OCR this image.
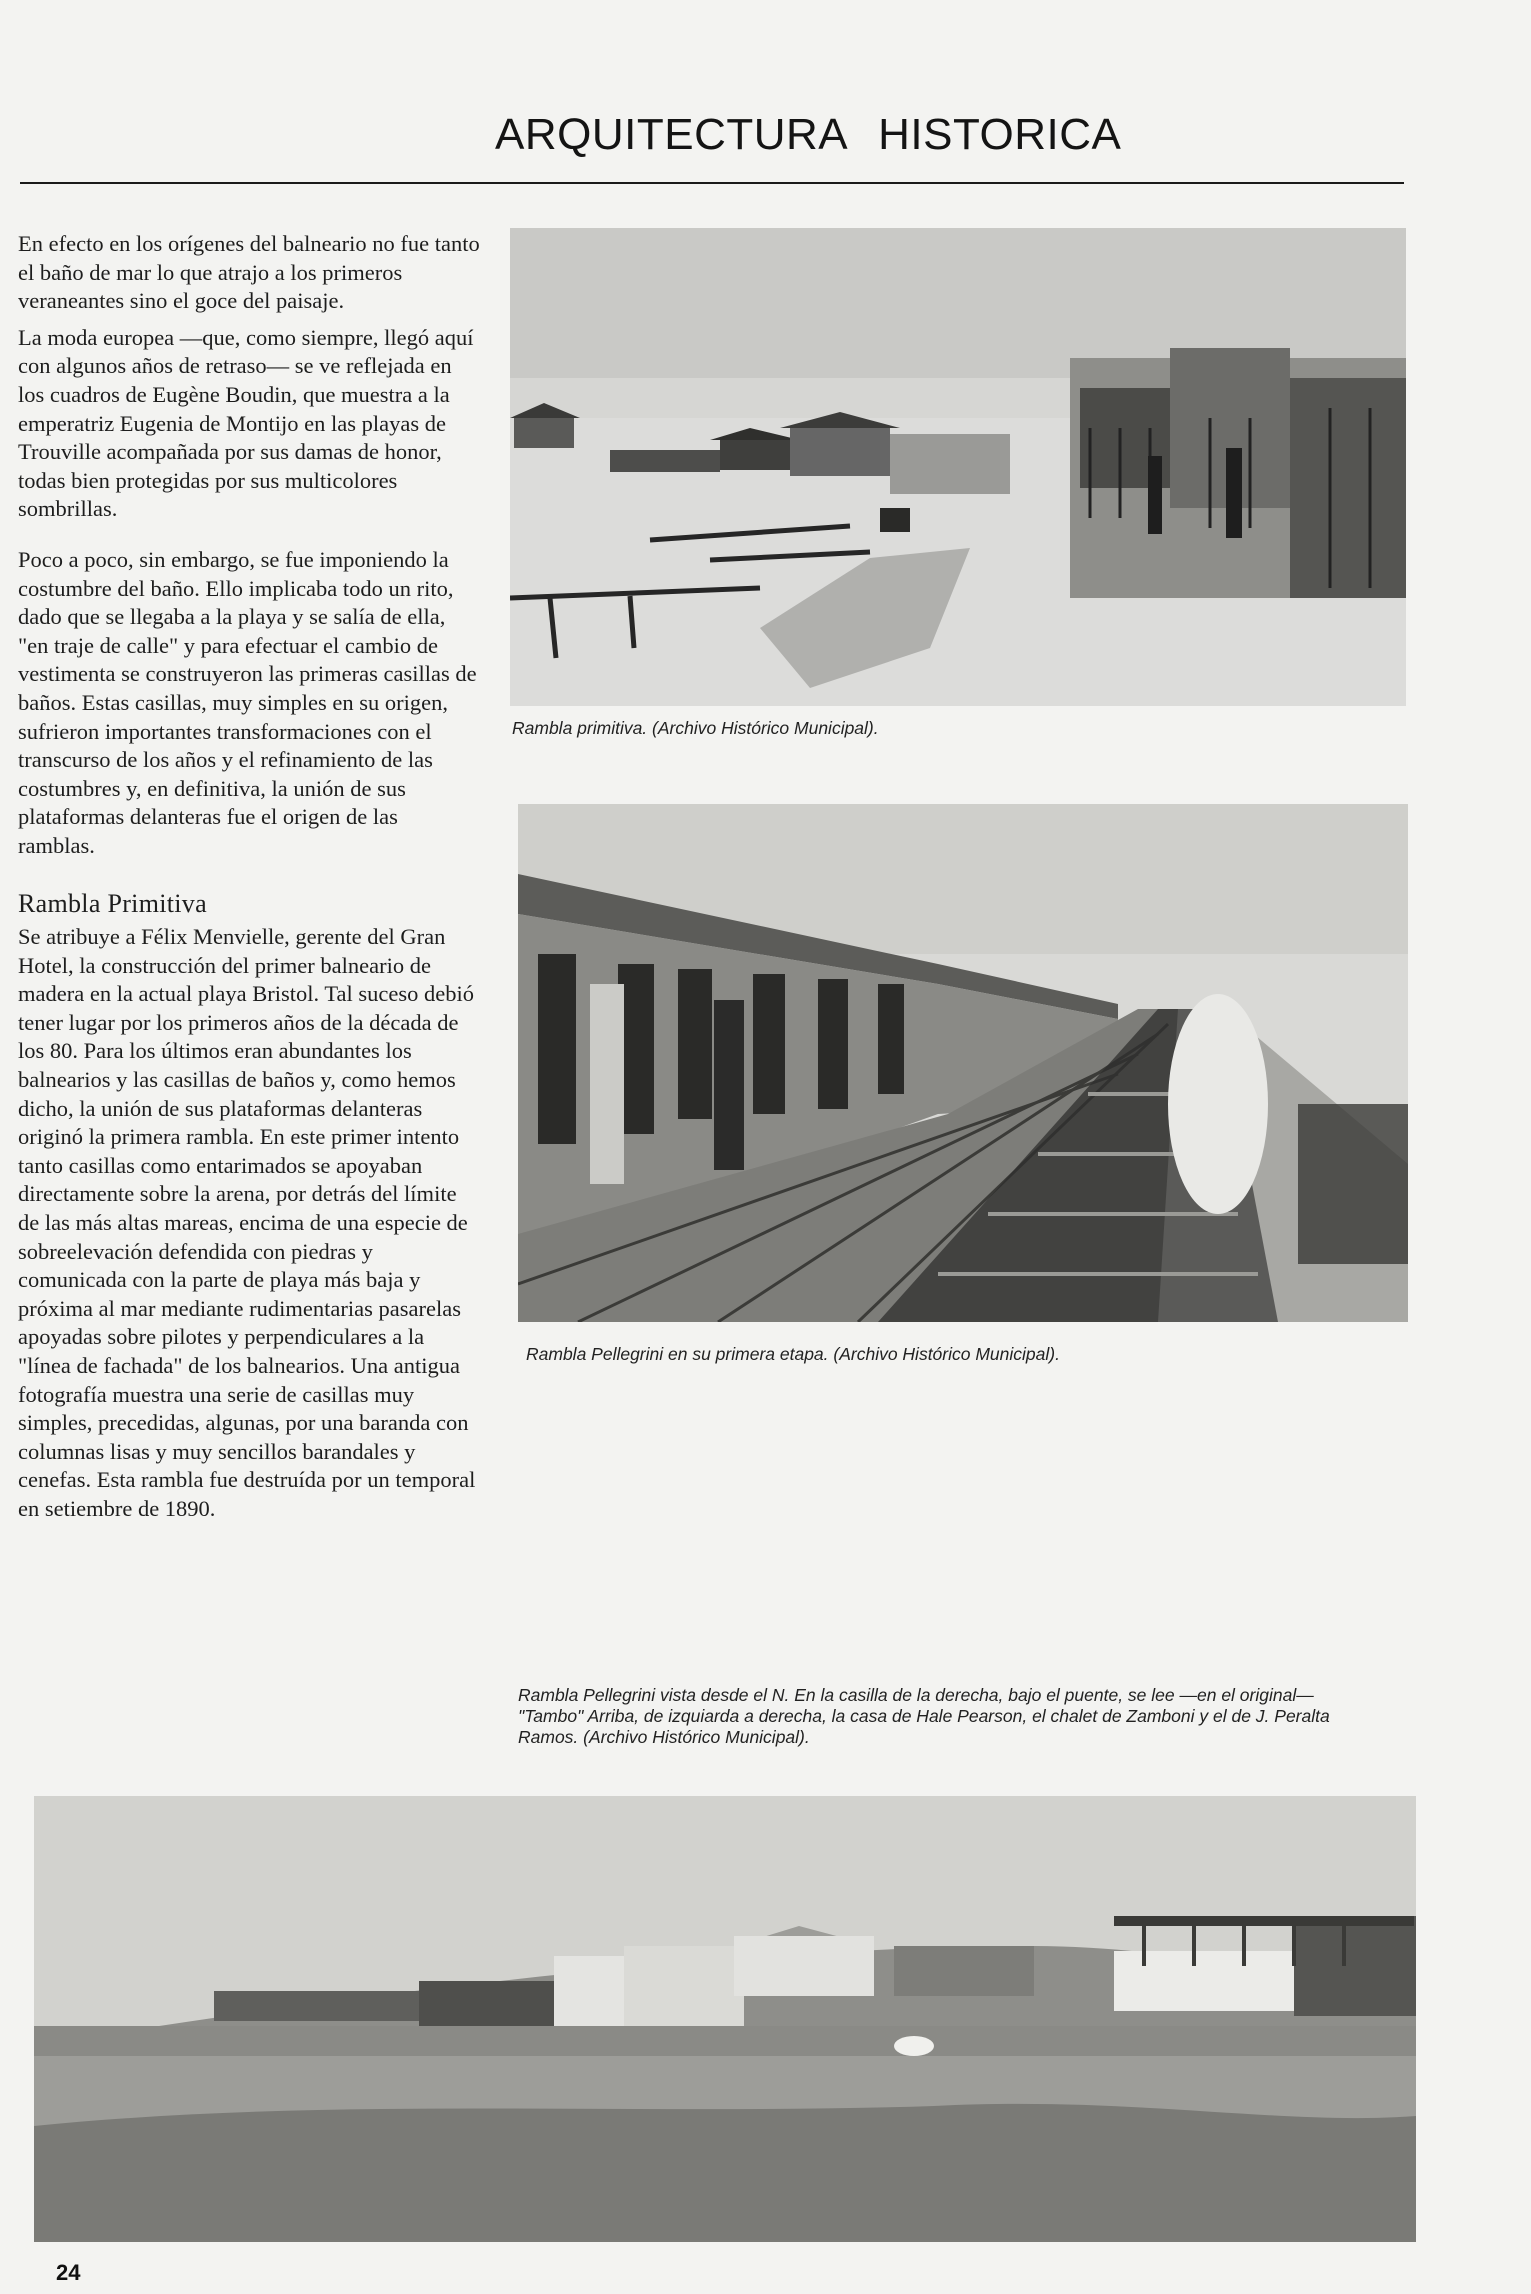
ARQUITECTURA HISTORICA

En efecto en los orígenes del balneario no fue tanto el baño de mar lo que atrajo a los primeros veraneantes sino el goce del paisaje.

La moda europea —que, como siempre, llegó aquí con algunos años de retraso— se ve reflejada en los cuadros de Eugène Boudin, que muestra a la emperatriz Eugenia de Montijo en las playas de Trouville acompañada por sus damas de honor, todas bien protegidas por sus multicolores sombrillas.

Poco a poco, sin embargo, se fue imponiendo la costumbre del baño. Ello implicaba todo un rito, dado que se llegaba a la playa y se salía de ella, "en traje de calle" y para efectuar el cambio de vestimenta se construyeron las primeras casillas de baños. Estas casillas, muy simples en su origen, sufrieron importantes transformaciones con el transcurso de los años y el refinamiento de las costumbres y, en definitiva, la unión de sus plataformas delanteras fue el origen de las ramblas.

Rambla Primitiva

Se atribuye a Félix Menvielle, gerente del Gran Hotel, la construcción del primer balneario de madera en la actual playa Bristol. Tal suceso debió tener lugar por los primeros años de la década de los 80. Para los últimos eran abundantes los balnearios y las casillas de baños y, como hemos dicho, la unión de sus plataformas delanteras originó la primera rambla. En este primer intento tanto casillas como entarimados se apoyaban directamente sobre la arena, por detrás del límite de las más altas mareas, encima de una especie de sobreelevación defendida con piedras y comunicada con la parte de playa más baja y próxima al mar mediante rudimentarias pasarelas apoyadas sobre pilotes y perpendiculares a la "línea de fachada" de los balnearios. Una antigua fotografía muestra una serie de casillas muy simples, precedidas, algunas, por una baranda con columnas lisas y muy sencillos barandales y cenefas. Esta rambla fue destruída por un temporal en setiembre de 1890.

Rambla primitiva. (Archivo Histórico Municipal).
Rambla Pellegrini en su primera etapa. (Archivo Histórico Municipal).
Rambla Pellegrini vista desde el N. En la casilla de la derecha, bajo el puente, se lee —en el original— "Tambo" Arriba, de izquiarda a derecha, la casa de Hale Pearson, el chalet de Zamboni y el de J. Peralta Ramos. (Archivo Histórico Municipal).
24
